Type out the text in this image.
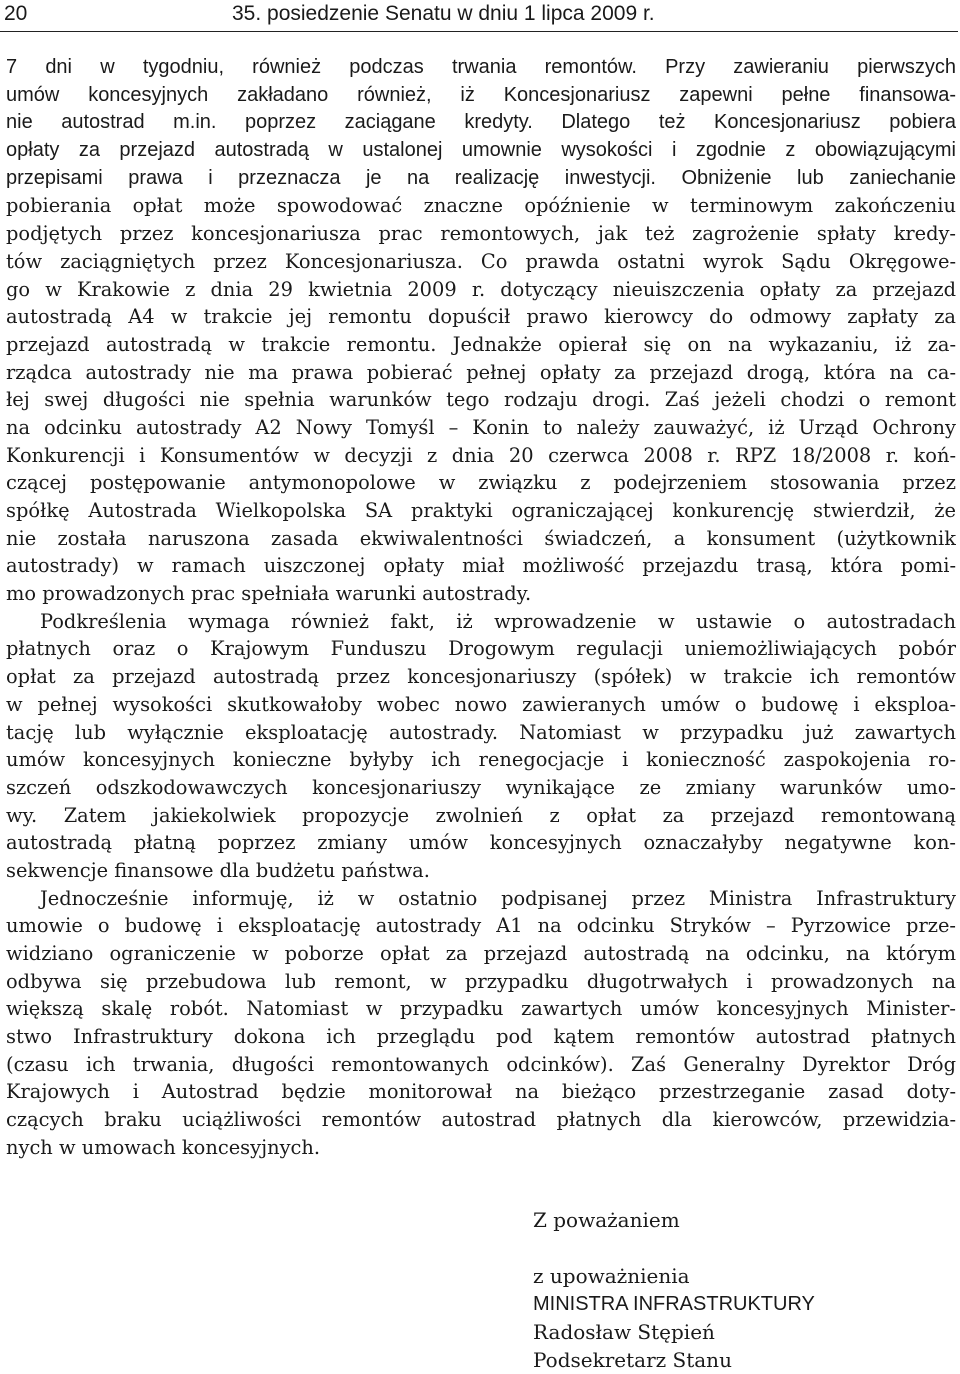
20	35. posiedzenie Senatu w dniu 1 lipca 2009 r.
7 dni w tygodniu, również podczas trwania remontów. Przy zawieraniu pierwszych
umów koncesyjnych zakładano również, iż Koncesjonariusz zapewni pełne finansowa-
nie autostrad m.in. poprzez zaciągane kredyty. Dlatego też Koncesjonariusz pobiera
opłaty za przejazd autostradą w ustalonej umownie wysokości i zgodnie z obowiązującymi
przepisami prawa i przeznacza je na realizację inwestycji. Obniżenie lub zaniechanie
pobierania opłat może spowodować znaczne opóźnienie w terminowym zakończeniu
podjętych przez koncesjonariusza prac remontowych, jak też zagrożenie spłaty kredy-
tów zaciągniętych przez Koncesjonariusza. Co prawda ostatni wyrok Sądu Okręgowe-
go w Krakowie z dnia 29 kwietnia 2009 r. dotyczący nieuiszczenia opłaty za przejazd
autostradą A4 w trakcie jej remontu dopuścił prawo kierowcy do odmowy zapłaty za
przejazd autostradą w trakcie remontu. Jednakże opierał się on na wykazaniu, iż za-
rządca autostrady nie ma prawa pobierać pełnej opłaty za przejazd drogą, która na ca-
łej swej długości nie spełnia warunków tego rodzaju drogi. Zaś jeżeli chodzi o remont
na odcinku autostrady A2 Nowy Tomyśl – Konin to należy zauważyć, iż Urząd Ochrony
Konkurencji i Konsumentów w decyzji z dnia 20 czerwca 2008 r. RPZ 18/2008 r. koń-
czącej postępowanie antymonopolowe w związku z podejrzeniem stosowania przez
spółkę Autostrada Wielkopolska SA praktyki ograniczającej konkurencję stwierdził, że
nie została naruszona zasada ekwiwalentności świadczeń, a konsument (użytkownik
autostrady) w ramach uiszczonej opłaty miał możliwość przejazdu trasą, która pomi-
mo prowadzonych prac spełniała warunki autostrady.
Podkreślenia wymaga również fakt, iż wprowadzenie w ustawie o autostradach
płatnych oraz o Krajowym Funduszu Drogowym regulacji uniemożliwiających pobór
opłat za przejazd autostradą przez koncesjonariuszy (spółek) w trakcie ich remontów
w pełnej wysokości skutkowałoby wobec nowo zawieranych umów o budowę i eksploa-
tację lub wyłącznie eksploatację autostrady. Natomiast w przypadku już zawartych
umów koncesyjnych konieczne byłyby ich renegocjacje i konieczność zaspokojenia ro-
szczeń odszkodowawczych koncesjonariuszy wynikające ze zmiany warunków umo-
wy. Zatem jakiekolwiek propozycje zwolnień z opłat za przejazd remontowaną
autostradą płatną poprzez zmiany umów koncesyjnych oznaczałyby negatywne kon-
sekwencje finansowe dla budżetu państwa.
Jednocześnie informuję, iż w ostatnio podpisanej przez Ministra Infrastruktury
umowie o budowę i eksploatację autostrady A1 na odcinku Stryków – Pyrzowice prze-
widziano ograniczenie w poborze opłat za przejazd autostradą na odcinku, na którym
odbywa się przebudowa lub remont, w przypadku długotrwałych i prowadzonych na
większą skalę robót. Natomiast w przypadku zawartych umów koncesyjnych Minister-
stwo Infrastruktury dokona ich przeglądu pod kątem remontów autostrad płatnych
(czasu ich trwania, długości remontowanych odcinków). Zaś Generalny Dyrektor Dróg
Krajowych i Autostrad będzie monitorował na bieżąco przestrzeganie zasad doty-
czących braku uciążliwości remontów autostrad płatnych dla kierowców, przewidzia-
nych w umowach koncesyjnych.
Z poważaniem
z upoważnienia
MINISTRA INFRASTRUKTURY
Radosław Stępień
Podsekretarz Stanu
